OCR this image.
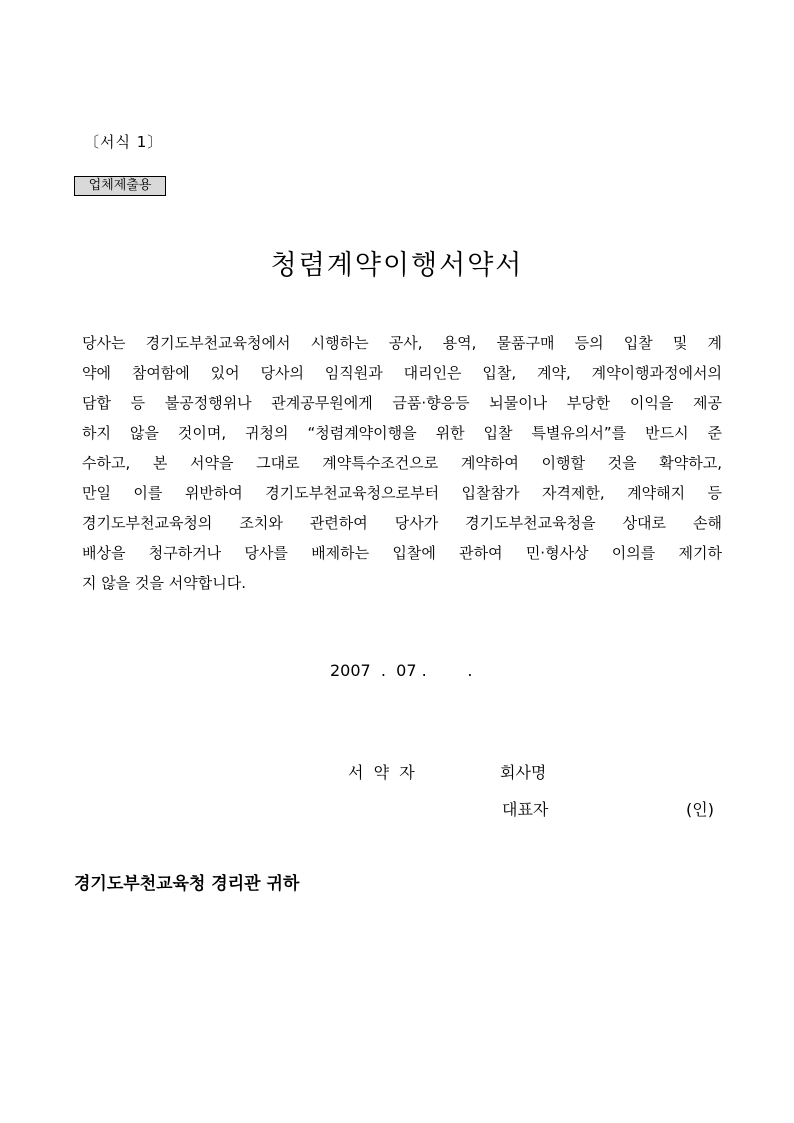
〔서식 1〕
업체제출용
청렴계약이행서약서
당사는 경기도부천교육청에서 시행하는 공사, 용역, 물품구매 등의 입찰 및 계
약에 참여함에 있어 당사의 임직원과 대리인은 입찰, 계약, 계약이행과정에서의
담합 등 불공정행위나 관계공무원에게 금품·향응등 뇌물이나 부당한 이익을 제공
하지 않을 것이며, 귀청의 “청렴계약이행을 위한 입찰 특별유의서”를 반드시 준
수하고, 본 서약을 그대로 계약특수조건으로 계약하여 이행할 것을 확약하고,
만일 이를 위반하여 경기도부천교육청으로부터 입찰참가 자격제한, 계약해지 등
경기도부천교육청의 조치와 관련하여 당사가 경기도부천교육청을 상대로 손해
배상을 청구하거나 당사를 배제하는 입찰에 관하여 민·형사상 이의를 제기하
지 않을 것을 서약합니다.
2007  .  07 .        .
서  약  자	회사명
대표자	(인)
경기도부천교육청 경리관 귀하
